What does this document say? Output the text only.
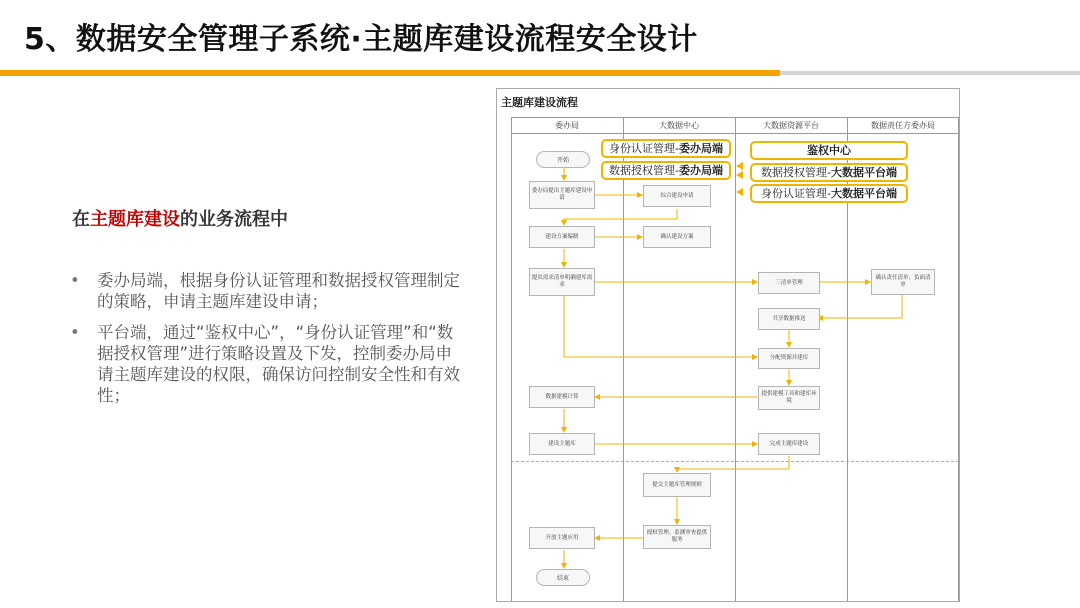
5、数据安全管理子系统·主题库建设流程安全设计
在主题库建设的业务流程中
• 委办局端，根据身份认证管理和数据授权管理制定的策略，申请主题库建设申请；
• 平台端，通过“鉴权中心”，“身份认证管理”和“数据授权管理”进行策略设置及下发，控制委办局申请主题库建设的权限，确保访问控制安全性和有效性；
主题库建设流程
委办局	大数据中心	大数据资源平台	数据责任方委办局
开始
委办局提出主题库建设申请	综合建设申请
建设方案编制	确认建设方案
提出需求清单明确建库需求	三清单管理
确认责任清单、负面清单
共享数据推送
分配资源并建库
提供建模工具和建库环境
数据建模计算
建设主题库	完成主题库建设
提交主题库管理规则
授权管理、监测审查提供服务
开放主题应用
结束
身份认证管理-委办局端
数据授权管理-委办局端
鉴权中心
数据授权管理-大数据平台端
身份认证管理-大数据平台端
